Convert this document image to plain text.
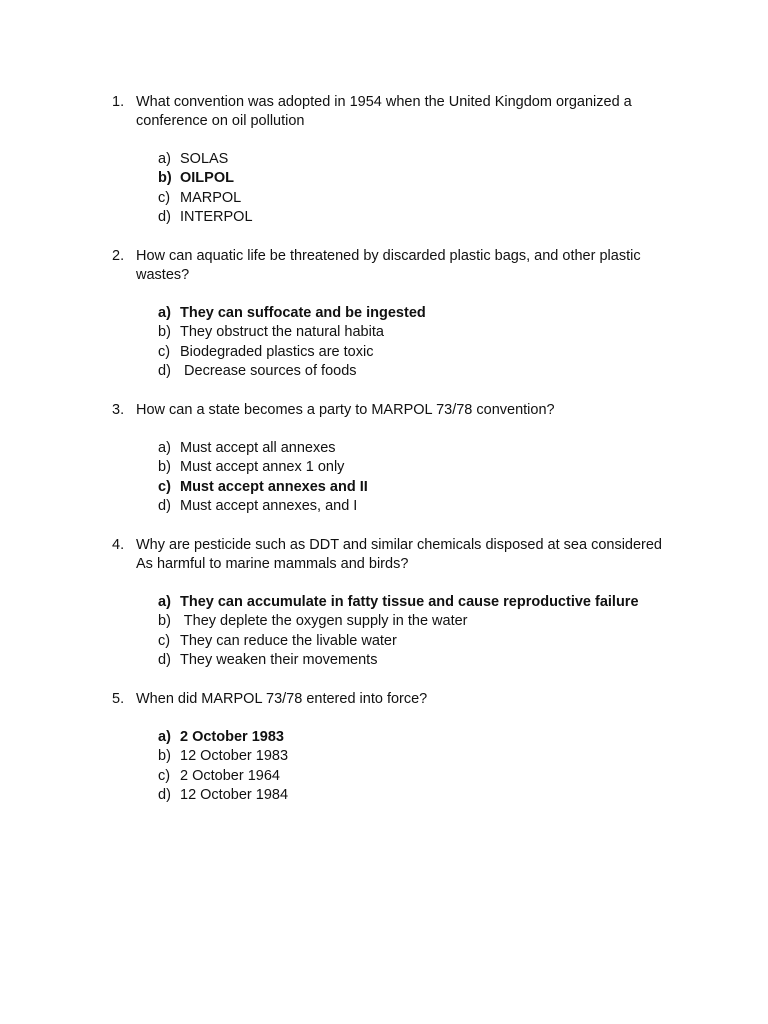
1. What convention was adopted in 1954 when the United Kingdom organized a conference on oil pollution
a) SOLAS
b) OILPOL
c) MARPOL
d) INTERPOL
2. How can aquatic life be threatened by discarded plastic bags, and other plastic wastes?
a) They can suffocate and be ingested
b) They obstruct the natural habita
c) Biodegraded plastics are toxic
d) Decrease sources of foods
3. How can a state becomes a party to MARPOL 73/78 convention?
a) Must accept all annexes
b) Must accept annex 1 only
c) Must accept annexes and II
d) Must accept annexes, and I
4. Why are pesticide such as DDT and similar chemicals disposed at sea considered As harmful to marine mammals and birds?
a) They can accumulate in fatty tissue and cause reproductive failure
b) They deplete the oxygen supply in the water
c) They can reduce the livable water
d) They weaken their movements
5. When did MARPOL 73/78 entered into force?
a) 2 October 1983
b) 12 October 1983
c) 2 October 1964
d) 12 October 1984
